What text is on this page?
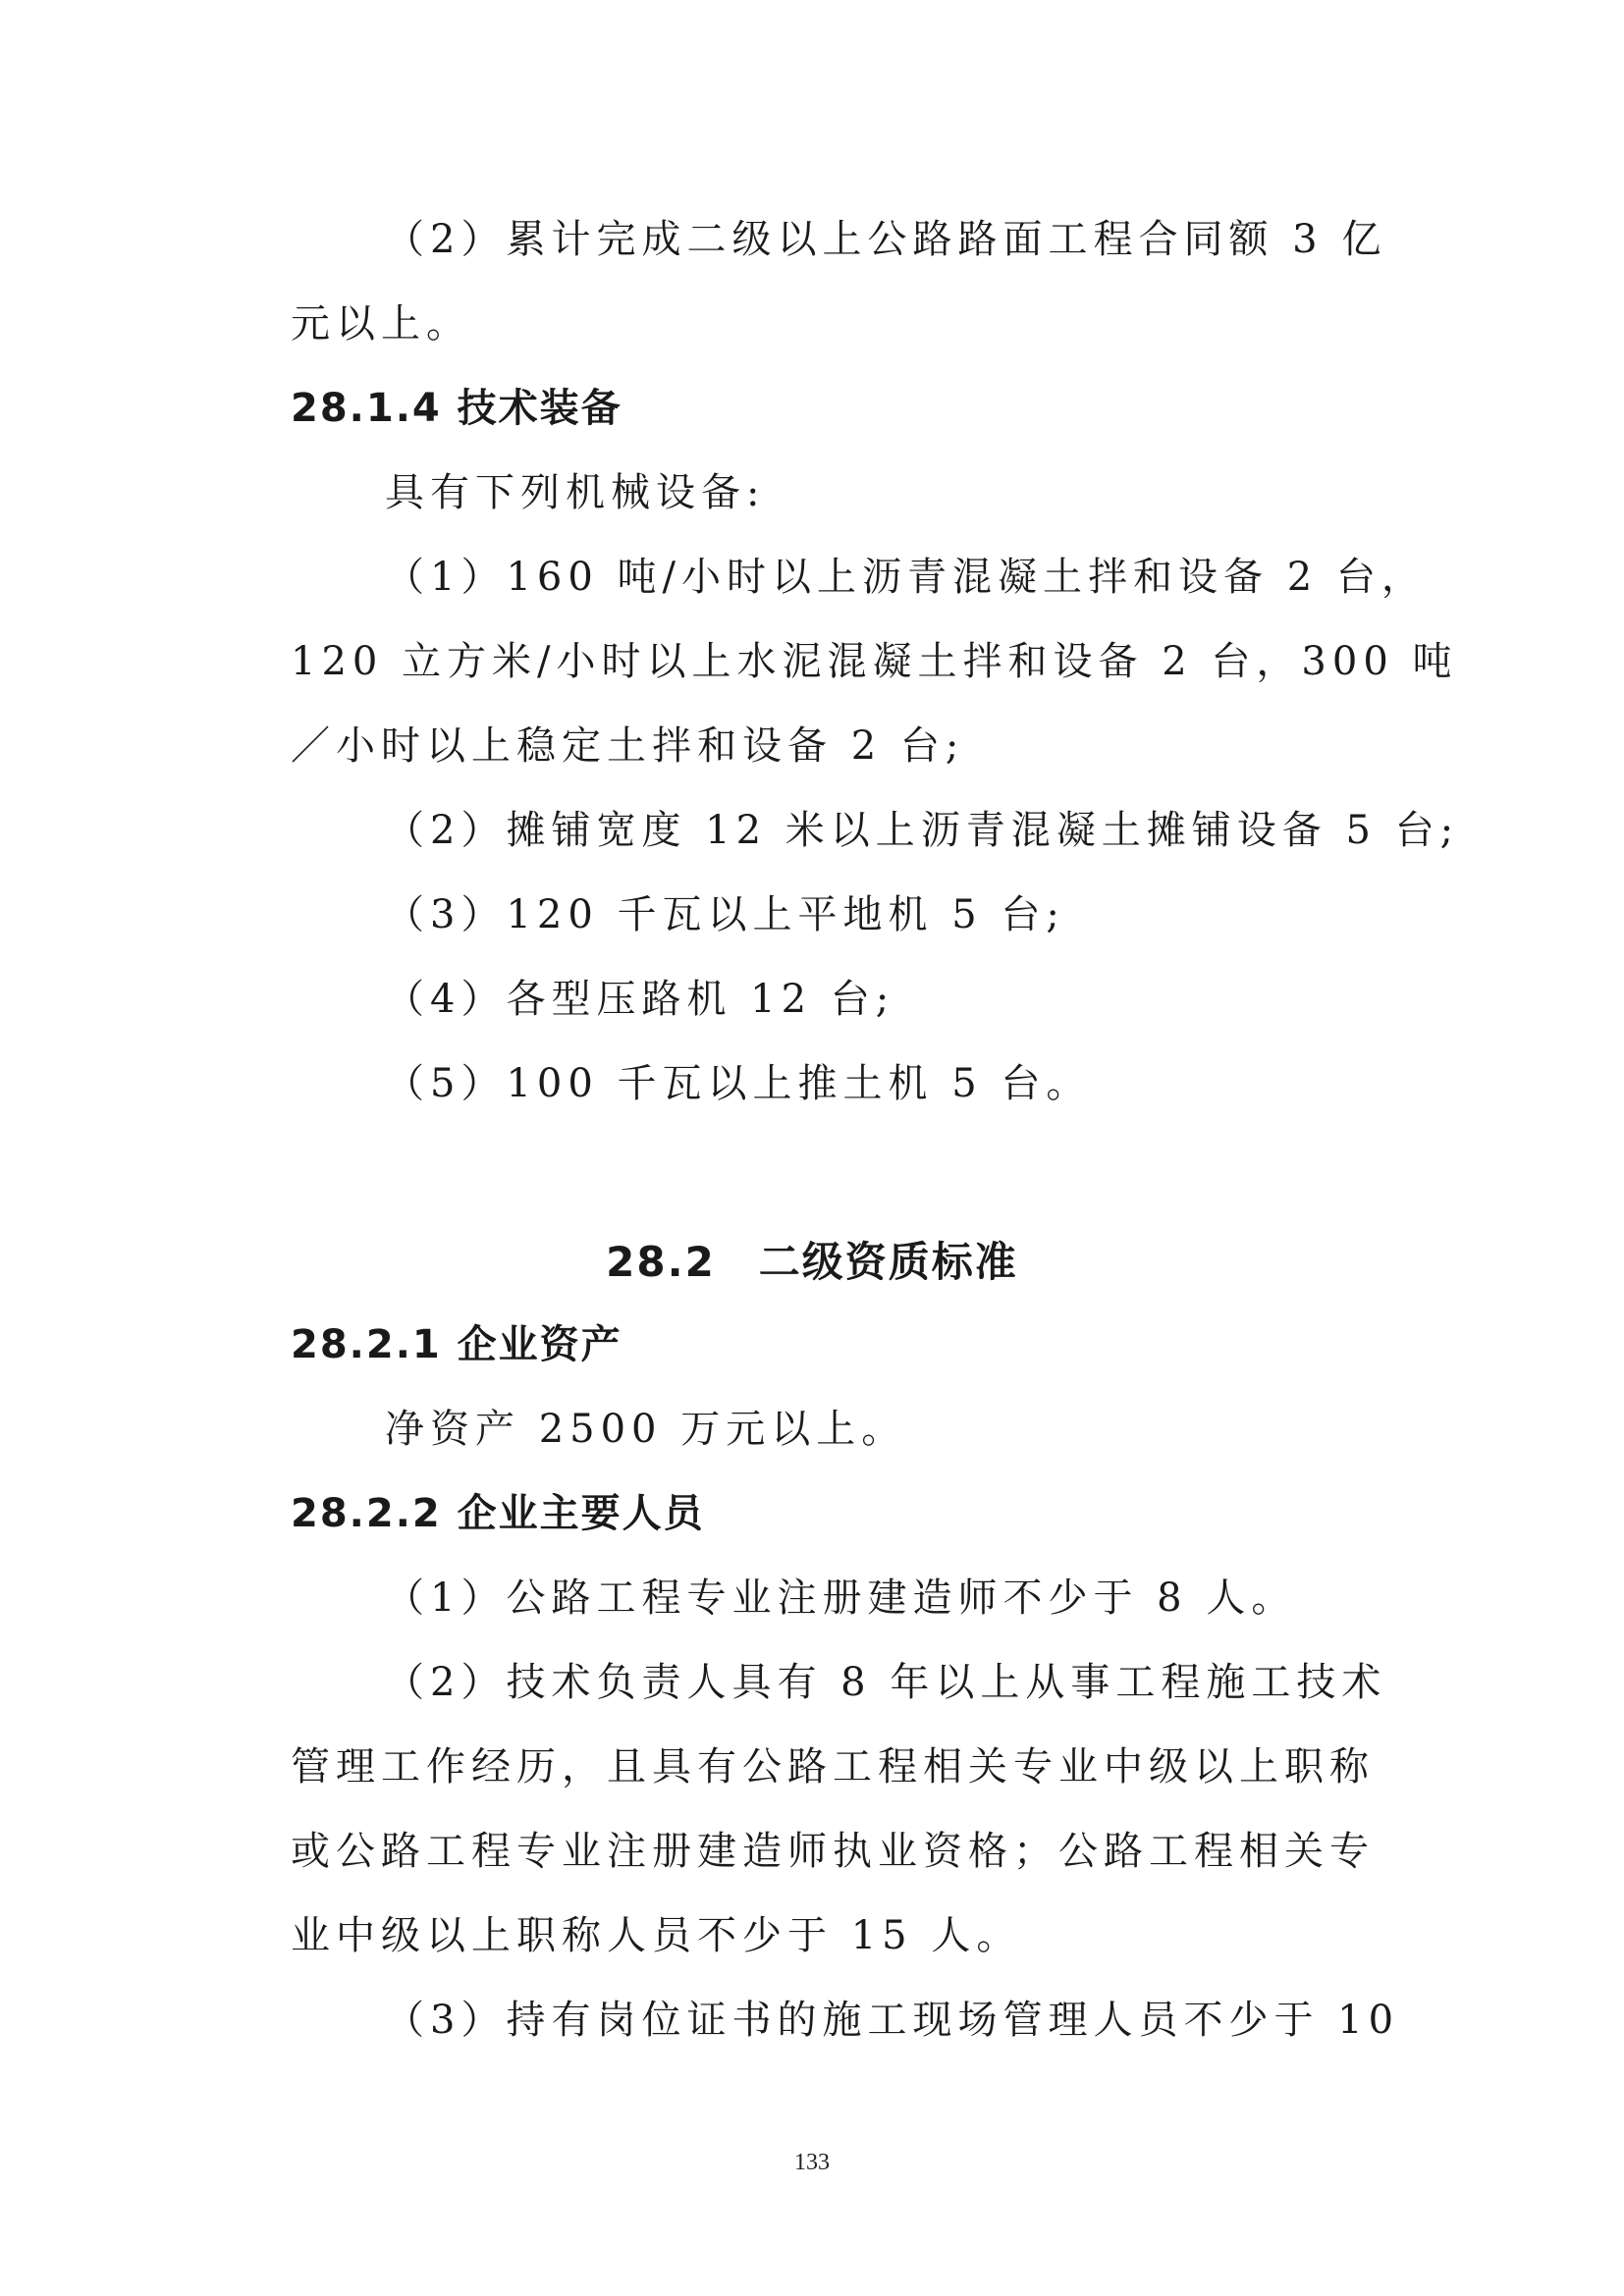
（2）累计完成二级以上公路路面工程合同额 3 亿
元以上。
28.1.4 技术装备
具有下列机械设备:
（1）160 吨/小时以上沥青混凝土拌和设备 2 台，
120 立方米/小时以上水泥混凝土拌和设备 2 台，300 吨
／小时以上稳定土拌和设备 2 台;
（2）摊铺宽度 12 米以上沥青混凝土摊铺设备 5 台;
（3）120 千瓦以上平地机 5 台;
（4）各型压路机 12 台;
（5）100 千瓦以上推土机 5 台。
28.2　二级资质标准
28.2.1 企业资产
净资产 2500 万元以上。
28.2.2 企业主要人员
（1）公路工程专业注册建造师不少于 8 人。
（2）技术负责人具有 8 年以上从事工程施工技术
管理工作经历，且具有公路工程相关专业中级以上职称
或公路工程专业注册建造师执业资格；公路工程相关专
业中级以上职称人员不少于 15 人。
（3）持有岗位证书的施工现场管理人员不少于 10
133
